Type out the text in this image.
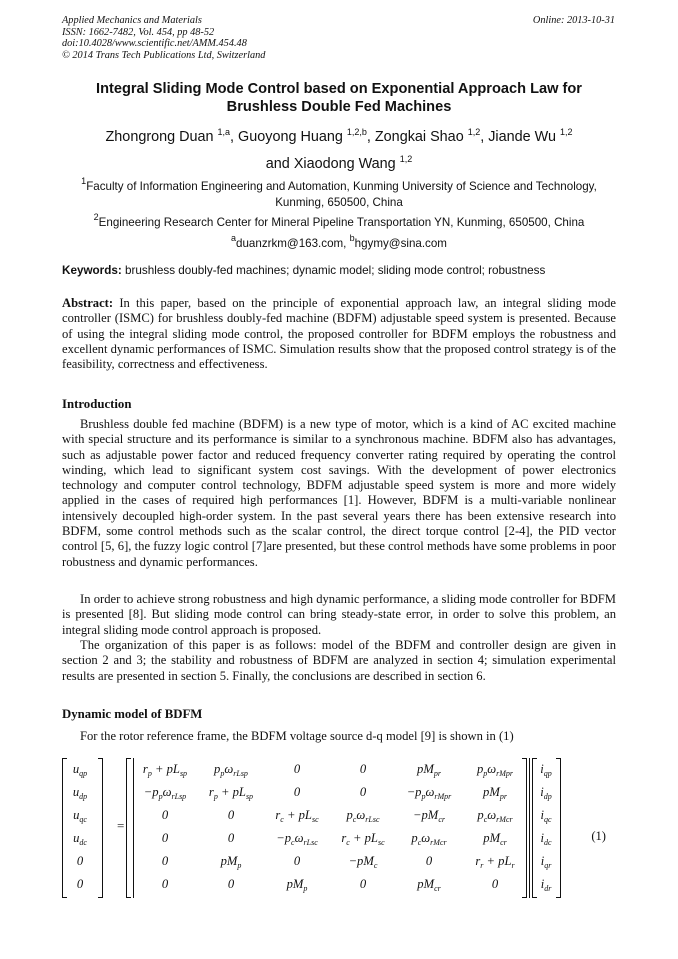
Applied Mechanics and Materials
ISSN: 1662-7482, Vol. 454, pp 48-52
doi:10.4028/www.scientific.net/AMM.454.48
© 2014 Trans Tech Publications Ltd, Switzerland
Online: 2013-10-31
Integral Sliding Mode Control based on Exponential Approach Law for Brushless Double Fed Machines
Zhongrong Duan $^{1,a}$, Guoyong Huang $^{1,2,b}$, Zongkai Shao $^{1,2}$, Jiande Wu $^{1,2}$
and Xiaodong Wang $^{1,2}$
$^1$Faculty of Information Engineering and Automation, Kunming University of Science and Technology, Kunming, 650500, China
$^2$Engineering Research Center for Mineral Pipeline Transportation YN, Kunming, 650500, China
$^a$duanzrkm@163.com, $^b$hgymy@sina.com
Keywords: brushless doubly-fed machines; dynamic model; sliding mode control; robustness
Abstract: In this paper, based on the principle of exponential approach law, an integral sliding mode controller (ISMC) for brushless doubly-fed machine (BDFM) adjustable speed system is presented. Because of using the integral sliding mode control, the proposed controller for BDFM employs the robustness and excellent dynamic performances of ISMC. Simulation results show that the proposed control strategy is of the feasibility, correctness and effectiveness.
Introduction
Brushless double fed machine (BDFM) is a new type of motor, which is a kind of AC excited machine with special structure and its performance is similar to a synchronous machine. BDFM also has advantages, such as adjustable power factor and reduced frequency converter rating required by operating the control winding, which lead to significant system cost savings. With the development of power electronics technology and computer control technology, BDFM adjustable speed system is more and more widely applied in the cases of required high performances [1]. However, BDFM is a multi-variable nonlinear intensively decoupled high-order system. In the past several years there has been extensive research into BDFM, some control methods such as the scalar control, the direct torque control [2-4], the PID vector control [5, 6], the fuzzy logic control [7]are presented, but these control methods have some problems in poor robustness and dynamic performances.
In order to achieve strong robustness and high dynamic performance, a sliding mode controller for BDFM is presented [8]. But sliding mode control can bring steady-state error, in order to solve this problem, an integral sliding mode control approach is proposed.
The organization of this paper is as follows: model of the BDFM and controller design are given in section 2 and 3; the stability and robustness of BDFM are analyzed in section 4; simulation experimental results are presented in section 5. Finally, the conclusions are described in section 6.
Dynamic model of BDFM
For the rotor reference frame, the BDFM voltage source d-q model [9] is shown in (1)
$u_{qp}$
$u_{dp}$
$u_{qc}$
$u_{dc}$
0
0
=
$r_p + pL_{sp}$	$p_p\omega_{rLsp}$	0	0	$pM_{pr}$	$p_p\omega_{rMpr}$
$-p_p\omega_{rLsp}$	$r_p + pL_{sp}$	0	0	$-p_p\omega_{rMpr}$	$pM_{pr}$
0	0	$r_c + pL_{sc}$	$p_c\omega_{rLsc}$	$-pM_{cr}$	$p_c\omega_{rMcr}$
0	0	$-p_c\omega_{rLsc}$	$r_c + pL_{sc}$	$p_c\omega_{rMcr}$	$pM_{cr}$
0	$pM_p$	0	$-pM_c$	0	$r_r + pL_r$
0	0	$pM_p$	0	$pM_{cr}$	0
$i_{qp}$
$i_{dp}$
$i_{qc}$
$i_{dc}$
$i_{qr}$
$i_{dr}$
(1)
